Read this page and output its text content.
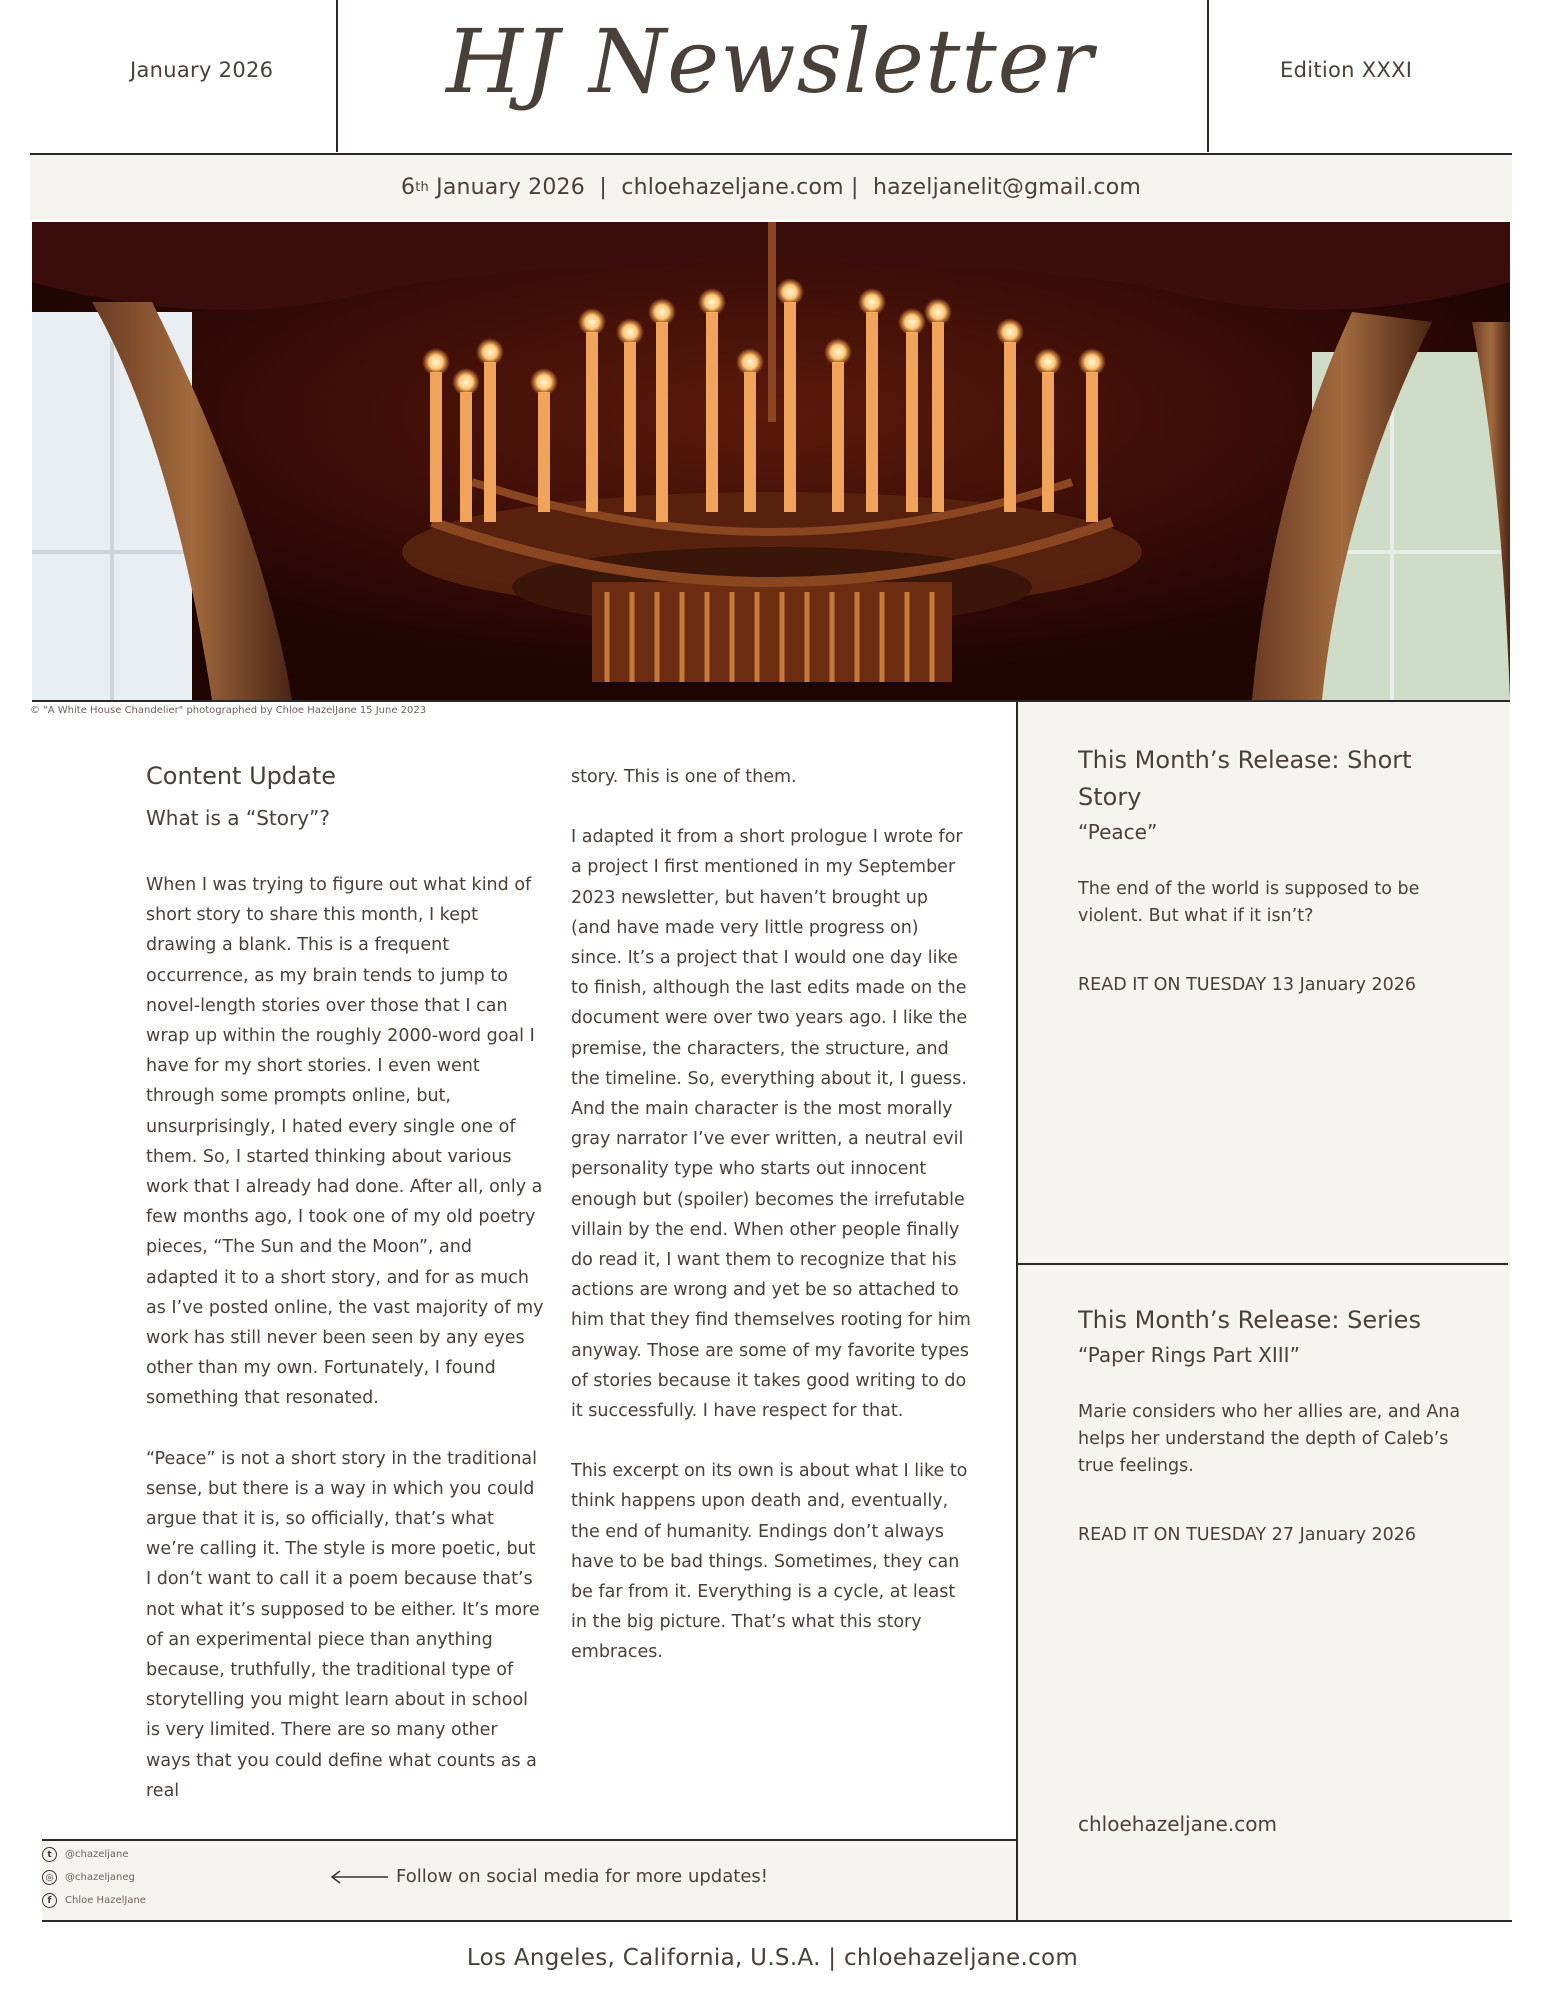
January 2026 HJ Newsletter	Edition XXXI
6 th
January 2026
|
chloehazeljane.com
|
hazeljanelit@gmail.com
© "A White House Chandelier" photographed by Chloe HazelJane 15 June 2023
Content Update
What is a “Story”?

When I was trying to figure out what kind of short story to share this month, I kept drawing a blank. This is a frequent occurrence, as my brain tends to jump to novel-length stories over those that I can wrap up within the roughly 2000-word goal I have for my short stories. I even went through some prompts online, but, unsurprisingly, I hated every single one of them. So, I started thinking about various work that I already had done. After all, only a few months ago, I took one of my old poetry pieces, “The Sun and the Moon”, and adapted it to a short story, and for as much as I’ve posted online, the vast majority of my work has still never been seen by any eyes other than my own. Fortunately, I found something that resonated.

“Peace” is not a short story in the traditional sense, but there is a way in which you could argue that it is, so officially, that’s what we’re calling it. The style is more poetic, but I don’t want to call it a poem because that’s not what it’s supposed to be either. It’s more of an experimental piece than anything because, truthfully, the traditional type of storytelling you might learn about in school is very limited. There are so many other ways that you could define what counts as a real

story. This is one of them.

I adapted it from a short prologue I wrote for a project I first mentioned in my September 2023 newsletter, but haven’t brought up (and have made very little progress on) since. It’s a project that I would one day like to finish, although the last edits made on the document were over two years ago. I like the premise, the characters, the structure, and the timeline. So, everything about it, I guess. And the main character is the most morally gray narrator I’ve ever written, a neutral evil personality type who starts out innocent enough but (spoiler) becomes the irrefutable villain by the end. When other people finally do read it, I want them to recognize that his actions are wrong and yet be so attached to him that they find themselves rooting for him anyway. Those are some of my favorite types of stories because it takes good writing to do it successfully. I have respect for that.

This excerpt on its own is about what I like to think happens upon death and, eventually, the end of humanity. Endings don’t always have to be bad things. Sometimes, they can be far from it. Everything is a cycle, at least in the big picture. That’s what this story embraces.

This Month’s Release: Short Story
“Peace”
The end of the world is supposed to be violent. But what if it isn’t?
READ IT ON TUESDAY 13 January 2026
This Month’s Release: Series
“Paper Rings Part XIII”
Marie considers who her allies are, and Ana helps her understand the depth of Caleb’s true feelings.
READ IT ON TUESDAY 27 January 2026
chloehazeljane.com
t	@chazeljane
◎	@chazeljaneg
f	Chloe HazelJane
Follow on social media for more updates!
Los Angeles, California, U.S.A. | chloehazeljane.com
